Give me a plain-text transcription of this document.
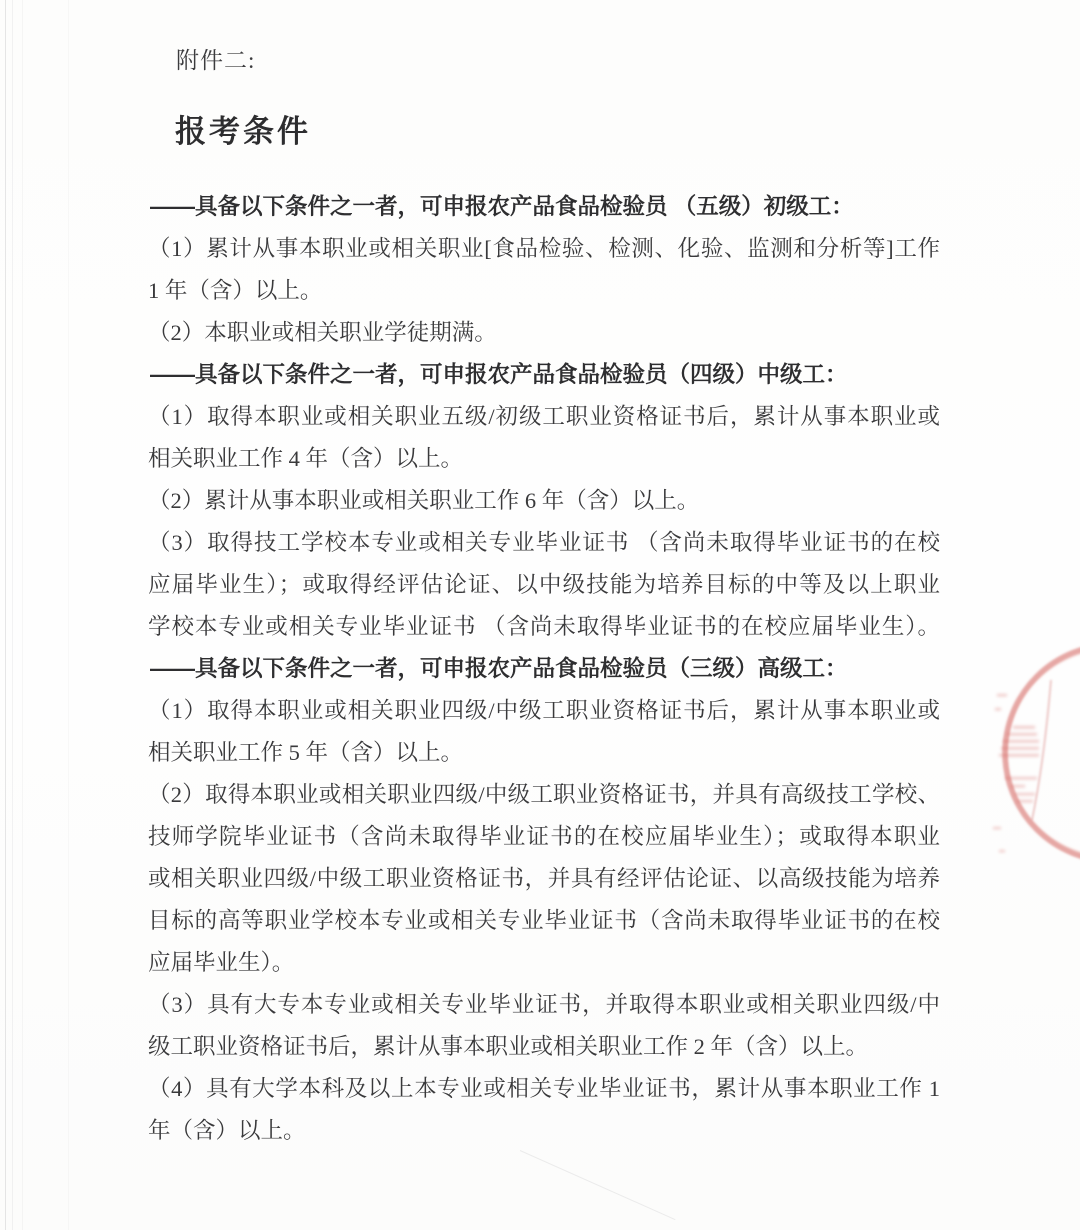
附件二:
报考条件
——具备以下条件之一者，可申报农产品食品检验员 （五级）初级工：
（1）累计从事本职业或相关职业[食品检验、检测、化验、监测和分析等]工作
1 年（含）以上。
（2）本职业或相关职业学徒期满。
——具备以下条件之一者，可申报农产品食品检验员（四级）中级工：
（1）取得本职业或相关职业五级/初级工职业资格证书后，累计从事本职业或
相关职业工作 4 年（含）以上。
（2）累计从事本职业或相关职业工作 6 年（含）以上。
（3）取得技工学校本专业或相关专业毕业证书 （含尚未取得毕业证书的在校
应届毕业生）；或取得经评估论证、以中级技能为培养目标的中等及以上职业
学校本专业或相关专业毕业证书 （含尚未取得毕业证书的在校应届毕业生）。
——具备以下条件之一者，可申报农产品食品检验员（三级）高级工：
（1）取得本职业或相关职业四级/中级工职业资格证书后，累计从事本职业或
相关职业工作 5 年（含）以上。
（2）取得本职业或相关职业四级/中级工职业资格证书，并具有高级技工学校、
技师学院毕业证书（含尚未取得毕业证书的在校应届毕业生）；或取得本职业
或相关职业四级/中级工职业资格证书，并具有经评估论证、以高级技能为培养
目标的高等职业学校本专业或相关专业毕业证书（含尚未取得毕业证书的在校
应届毕业生）。
（3）具有大专本专业或相关专业毕业证书，并取得本职业或相关职业四级/中
级工职业资格证书后，累计从事本职业或相关职业工作 2 年（含）以上。
（4）具有大学本科及以上本专业或相关专业毕业证书，累计从事本职业工作 1
年（含）以上。
